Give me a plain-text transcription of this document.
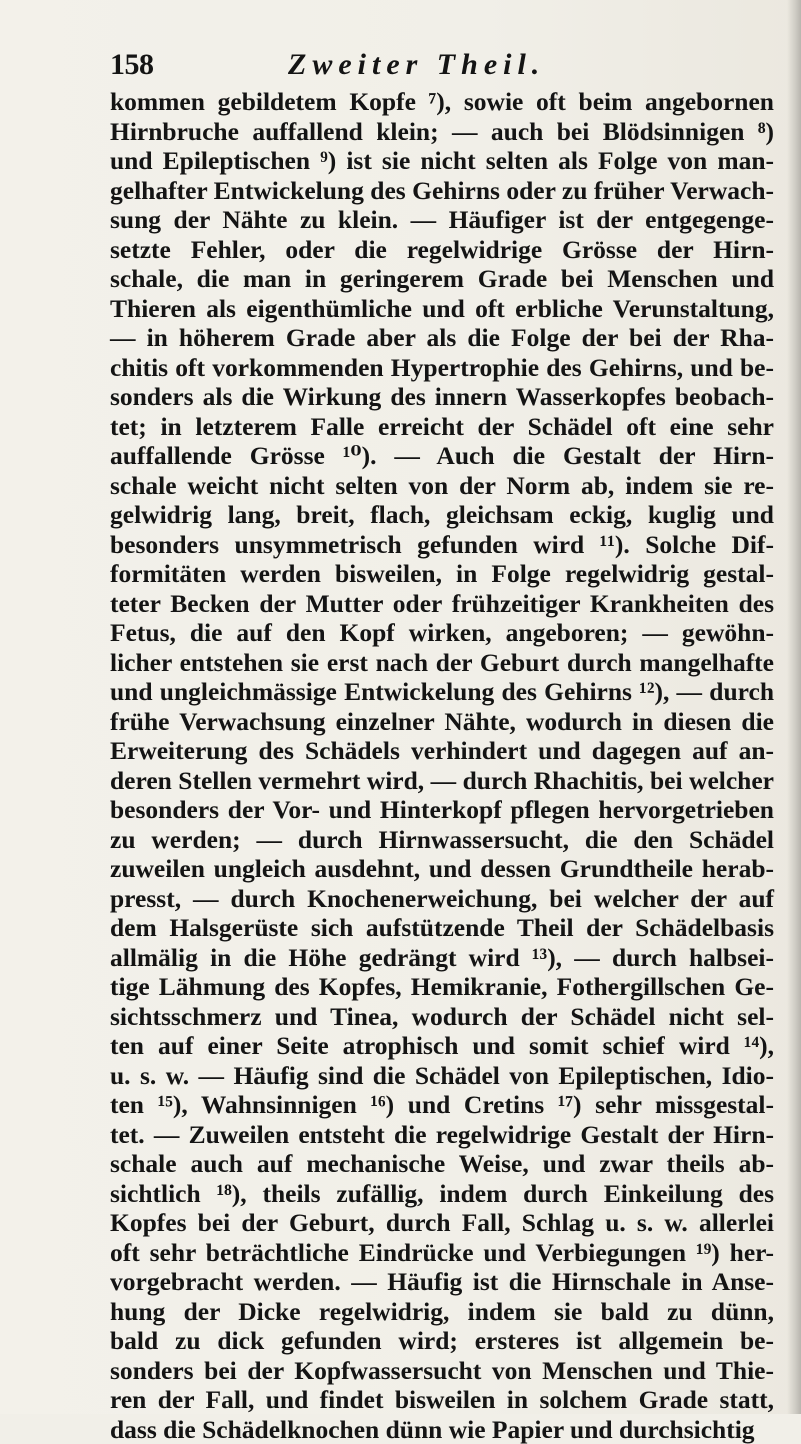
158	Zweiter Theil.
kommen gebildetem Kopfe ⁷), sowie oft beim angebornen
Hirnbruche auffallend klein; — auch bei Blödsinnigen ⁸)
und Epileptischen ⁹) ist sie nicht selten als Folge von man-
gelhafter Entwickelung des Gehirns oder zu früher Verwach-
sung der Nähte zu klein. — Häufiger ist der entgegenge-
setzte Fehler, oder die regelwidrige Grösse der Hirn-
schale, die man in geringerem Grade bei Menschen und
Thieren als eigenthümliche und oft erbliche Verunstaltung,
— in höherem Grade aber als die Folge der bei der Rha-
chitis oft vorkommenden Hypertrophie des Gehirns, und be-
sonders als die Wirkung des innern Wasserkopfes beobach-
tet; in letzterem Falle erreicht der Schädel oft eine sehr
auffallende Grösse ¹⁰). — Auch die Gestalt der Hirn-
schale weicht nicht selten von der Norm ab, indem sie re-
gelwidrig lang, breit, flach, gleichsam eckig, kuglig und
besonders unsymmetrisch gefunden wird ¹¹). Solche Dif-
formitäten werden bisweilen, in Folge regelwidrig gestal-
teter Becken der Mutter oder frühzeitiger Krankheiten des
Fetus, die auf den Kopf wirken, angeboren; — gewöhn-
licher entstehen sie erst nach der Geburt durch mangelhafte
und ungleichmässige Entwickelung des Gehirns ¹²), — durch
frühe Verwachsung einzelner Nähte, wodurch in diesen die
Erweiterung des Schädels verhindert und dagegen auf an-
deren Stellen vermehrt wird, — durch Rhachitis, bei welcher
besonders der Vor- und Hinterkopf pflegen hervorgetrieben
zu werden; — durch Hirnwassersucht, die den Schädel
zuweilen ungleich ausdehnt, und dessen Grundtheile herab-
presst, — durch Knochenerweichung, bei welcher der auf
dem Halsgerüste sich aufstützende Theil der Schädelbasis
allmälig in die Höhe gedrängt wird ¹³), — durch halbsei-
tige Lähmung des Kopfes, Hemikranie, Fothergillschen Ge-
sichtsschmerz und Tinea, wodurch der Schädel nicht sel-
ten auf einer Seite atrophisch und somit schief wird ¹⁴),
u. s. w. — Häufig sind die Schädel von Epileptischen, Idio-
ten ¹⁵), Wahnsinnigen ¹⁶) und Cretins ¹⁷) sehr missgestal-
tet. — Zuweilen entsteht die regelwidrige Gestalt der Hirn-
schale auch auf mechanische Weise, und zwar theils ab-
sichtlich ¹⁸), theils zufällig, indem durch Einkeilung des
Kopfes bei der Geburt, durch Fall, Schlag u. s. w. allerlei
oft sehr beträchtliche Eindrücke und Verbiegungen ¹⁹) her-
vorgebracht werden. — Häufig ist die Hirnschale in Anse-
hung der Dicke regelwidrig, indem sie bald zu dünn,
bald zu dick gefunden wird; ersteres ist allgemein be-
sonders bei der Kopfwassersucht von Menschen und Thie-
ren der Fall, und findet bisweilen in solchem Grade statt,
dass die Schädelknochen dünn wie Papier und durchsichtig
